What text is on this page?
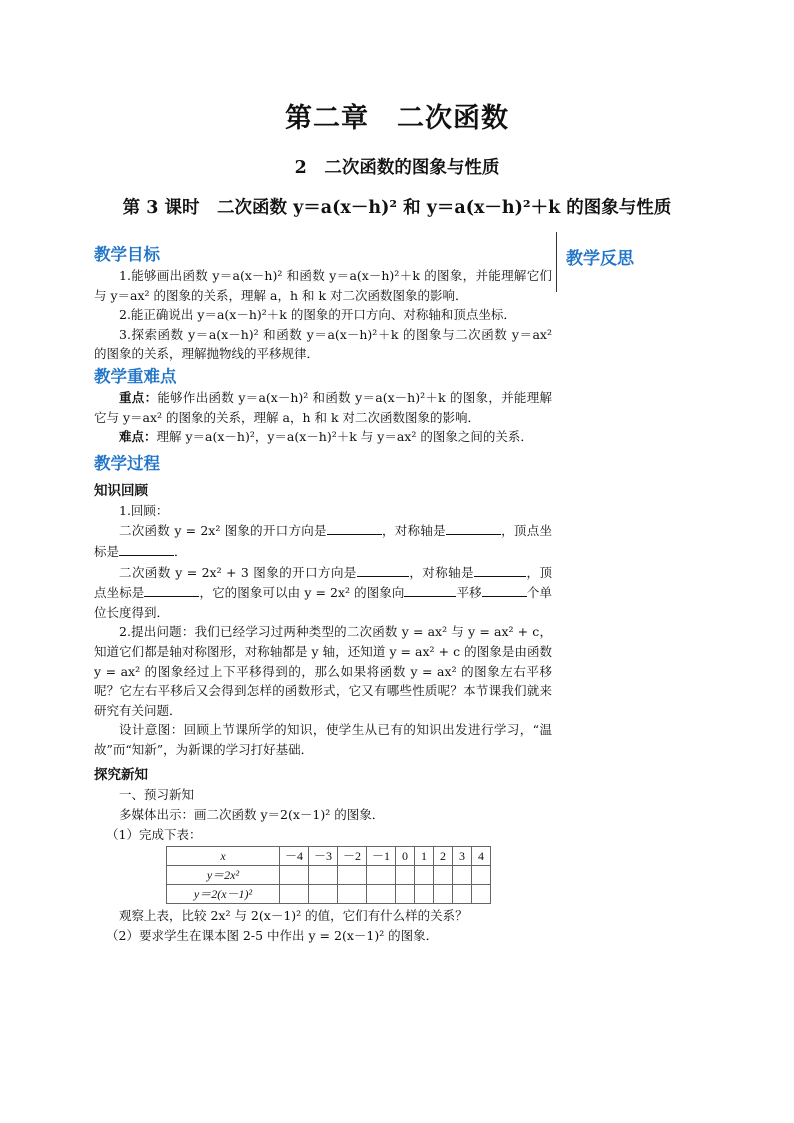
第二章　二次函数
2　二次函数的图象与性质
第 3 课时　二次函数 y＝a(x－h)² 和 y＝a(x－h)²＋k 的图象与性质
教学反思
教学目标

1.能够画出函数 y＝a(x－h)² 和函数 y＝a(x－h)²＋k 的图象，并能理解它们与 y＝ax² 的图象的关系，理解 a，h 和 k 对二次函数图象的影响．

2.能正确说出 y＝a(x－h)²＋k 的图象的开口方向、对称轴和顶点坐标．

3.探索函数 y＝a(x－h)² 和函数 y＝a(x－h)²＋k 的图象与二次函数 y＝ax² 的图象的关系，理解抛物线的平移规律．

教学重难点

重点：能够作出函数 y＝a(x－h)² 和函数 y＝a(x－h)²＋k 的图象，并能理解它与 y＝ax² 的图象的关系，理解 a，h 和 k 对二次函数图象的影响．

难点：理解 y＝a(x－h)²，y＝a(x－h)²＋k 与 y＝ax² 的图象之间的关系．

教学过程
知识回顾

1.回顾：

二次函数 y = 2x² 图象的开口方向是	，对称轴是	，顶点坐标是	．

二次函数 y = 2x² + 3 图象的开口方向是	，对称轴是	，顶点坐标是	，它的图象可以由 y = 2x² 的图象向	平移	个单位长度得到．

2.提出问题：我们已经学习过两种类型的二次函数 y = ax² 与 y = ax² + c，知道它们都是轴对称图形，对称轴都是 y 轴，还知道 y = ax² + c 的图象是由函数 y = ax² 的图象经过上下平移得到的，那么如果将函数 y = ax² 的图象左右平移呢？它左右平移后又会得到怎样的函数形式，它又有哪些性质呢？本节课我们就来研究有关问题．

设计意图：回顾上节课所学的知识，使学生从已有的知识出发进行学习，“温故”而“知新”，为新课的学习打好基础．

探究新知

一、预习新知

多媒体出示：画二次函数 y＝2(x－1)² 的图象．

（1）完成下表：

x	－4	－3	－2	－1	0	1	2	3	4
y＝2x²									
y＝2(x－1)²									

观察上表，比较 2x² 与 2(x－1)² 的值，它们有什么样的关系？

（2）要求学生在课本图 2-5 中作出 y = 2(x－1)² 的图象．
